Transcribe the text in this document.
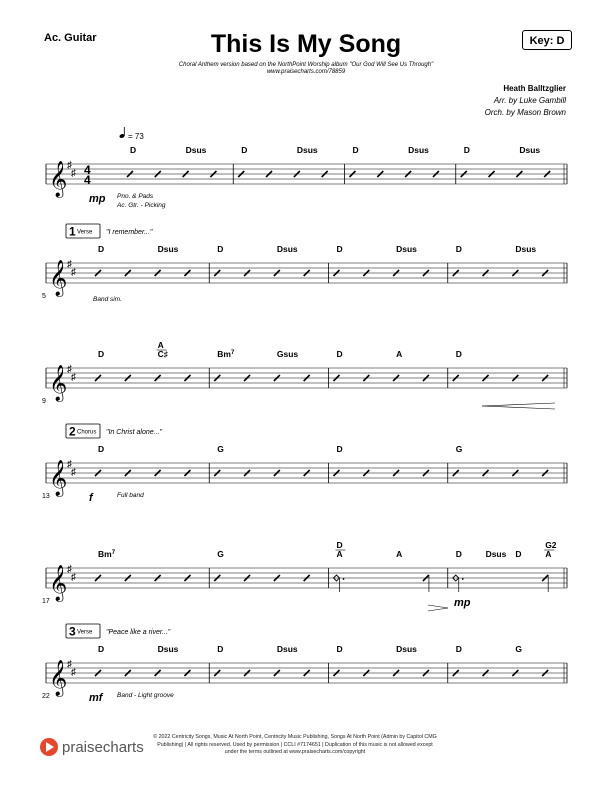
Ac. Guitar	This Is My Song
Choral Anthem version based on the NorthPoint Worship album "Our God Will See Us Through"
www.praisecharts.com/78859
Key: D
Heath Balltzglier
Arr. by Luke Gambill
Orch. by Mason Brown
𝄞 ♯
♯ 4
4
= 73
D	Dsus	D	Dsus	D	Dsus	D	Dsus
mp Pno. & Pads
Ac. Gtr. - Picking
𝄞 ♯
♯
D	Dsus	D	Dsus	D	Dsus	D	Dsus
5
1 Verse "I remember..."
Band sim.
𝄞 ♯
♯
D
A
C♯	Bm$^7$	Gsus	D	A	D
9
𝄞 ♯
♯
D	G	D	G
13
2 Chorus "In Christ alone..."
f	Full band
𝄞 ♯
♯
Bm$^7$	G
D
A	A	D	Dsus D
G2
A
17	mp
𝄞 ♯
♯
D	Dsus	D	Dsus	D	Dsus	D	G
22
3 Verse "Peace like a river..."
mf Band - Light groove
praisecharts
© 2022 Centricity Songs, Music At North Point, Centricity Music Publishing, Songs At North Point (Admin by Capitol CMG Publishing) | All rights reserved. Used by permission | CCLI #7174651 | Duplication of this music is not allowed except under the terms outlined at www.praisecharts.com/copyright
